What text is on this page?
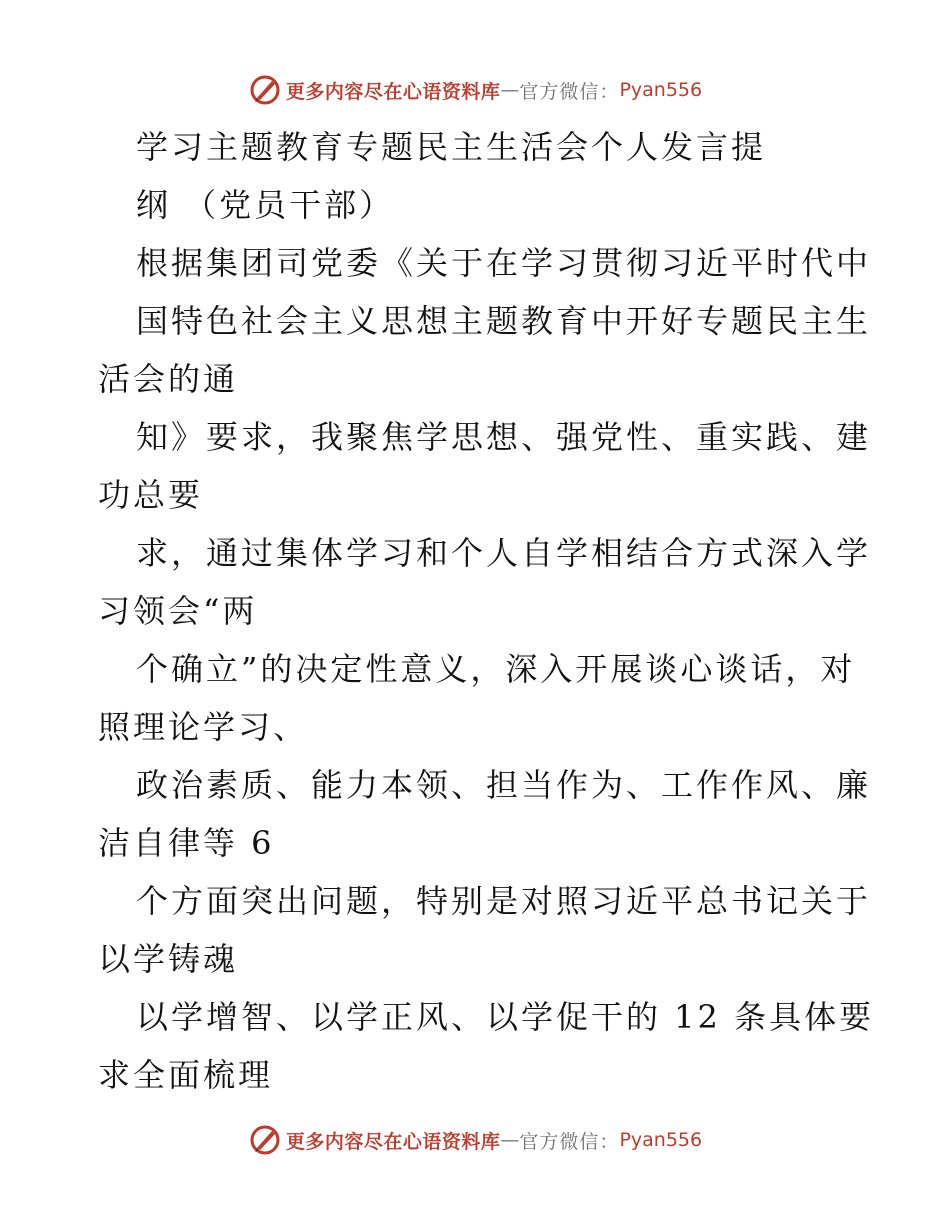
更多内容尽在心语资料库 — 官方微信： Pyan556
学习主题教育专题民主生活会个人发言提
纲 （党员干部）
根据集团司党委《关于在学习贯彻习近平时代中
国特色社会主义思想主题教育中开好专题民主生
活会的通
知》要求，我聚焦学思想、强党性、重实践、建
功总要
求，通过集体学习和个人自学相结合方式深入学
习领会“两
个确立”的决定性意义，深入开展谈心谈话，对
照理论学习、
政治素质、能力本领、担当作为、工作作风、廉
洁自律等 6
个方面突出问题，特别是对照习近平总书记关于
以学铸魂
以学增智、以学正风、以学促干的 12 条具体要
求全面梳理
更多内容尽在心语资料库 — 官方微信： Pyan556
